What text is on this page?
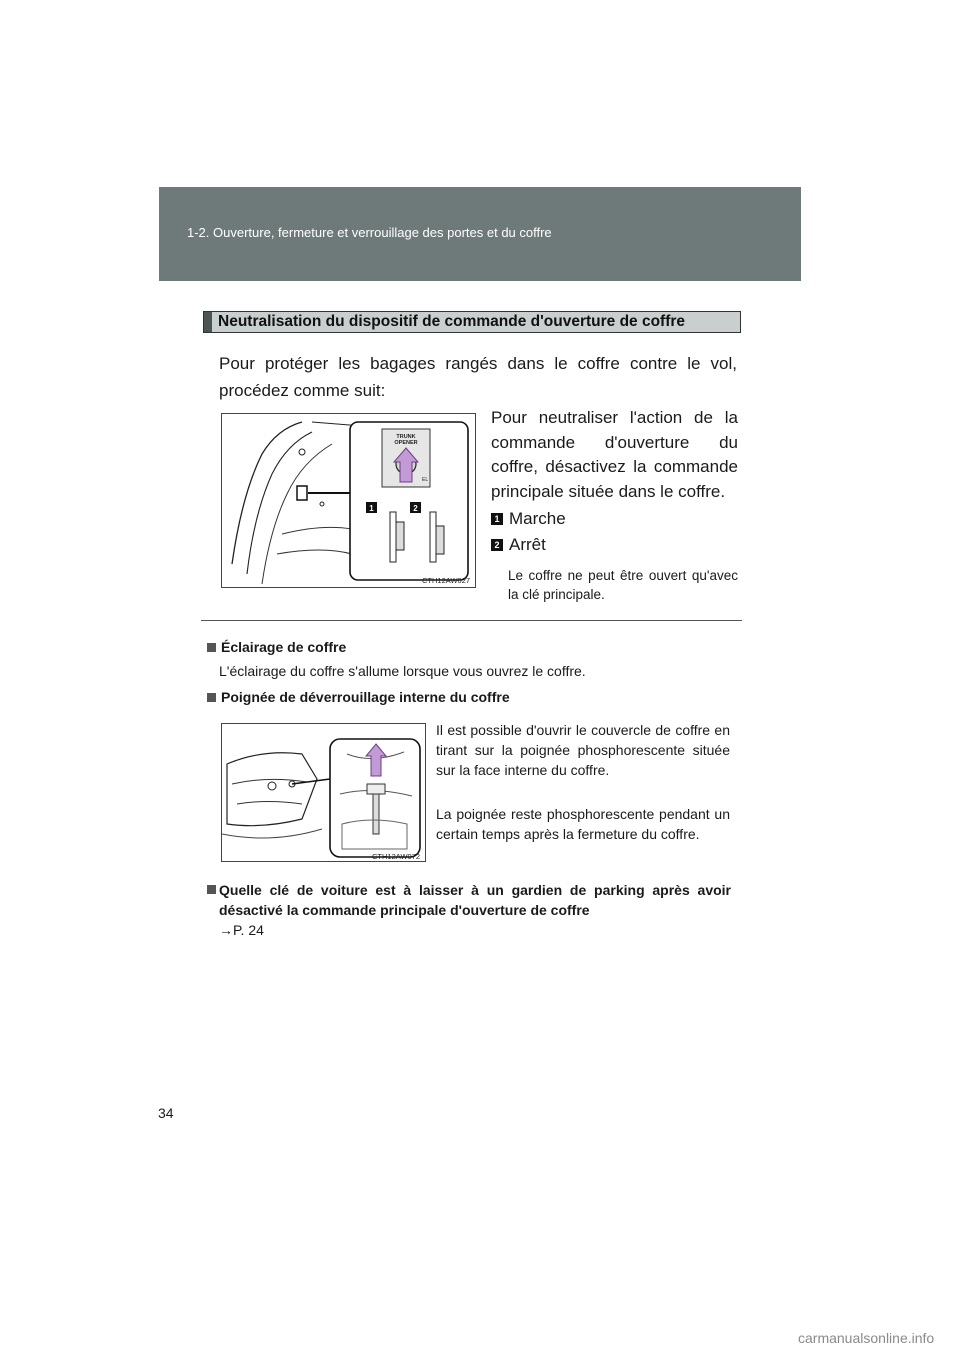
1-2. Ouverture, fermeture et verrouillage des portes et du coffre
Neutralisation du dispositif de commande d'ouverture de coffre
Pour protéger les bagages rangés dans le coffre contre le vol, procédez comme suit:
1	2
TRUNK
OPENER
EL
CTH12AW027
Pour neutraliser l'action de la commande d'ouverture du coffre, désactivez la commande principale située dans le coffre.
1 Marche
2 Arrêt
Le coffre ne peut être ouvert qu'avec la clé principale.
Éclairage de coffre
L'éclairage du coffre s'allume lorsque vous ouvrez le coffre.
Poignée de déverrouillage interne du coffre
CTH12AW072
Il est possible d'ouvrir le couvercle de coffre en tirant sur la poignée phosphorescente située sur la face interne du coffre.
La poignée reste phosphorescente pendant un certain temps après la fermeture du coffre.
Quelle clé de voiture est à laisser à un gardien de parking après avoir désactivé la commande principale d'ouverture de coffre
→P. 24
34
carmanualsonline.info
